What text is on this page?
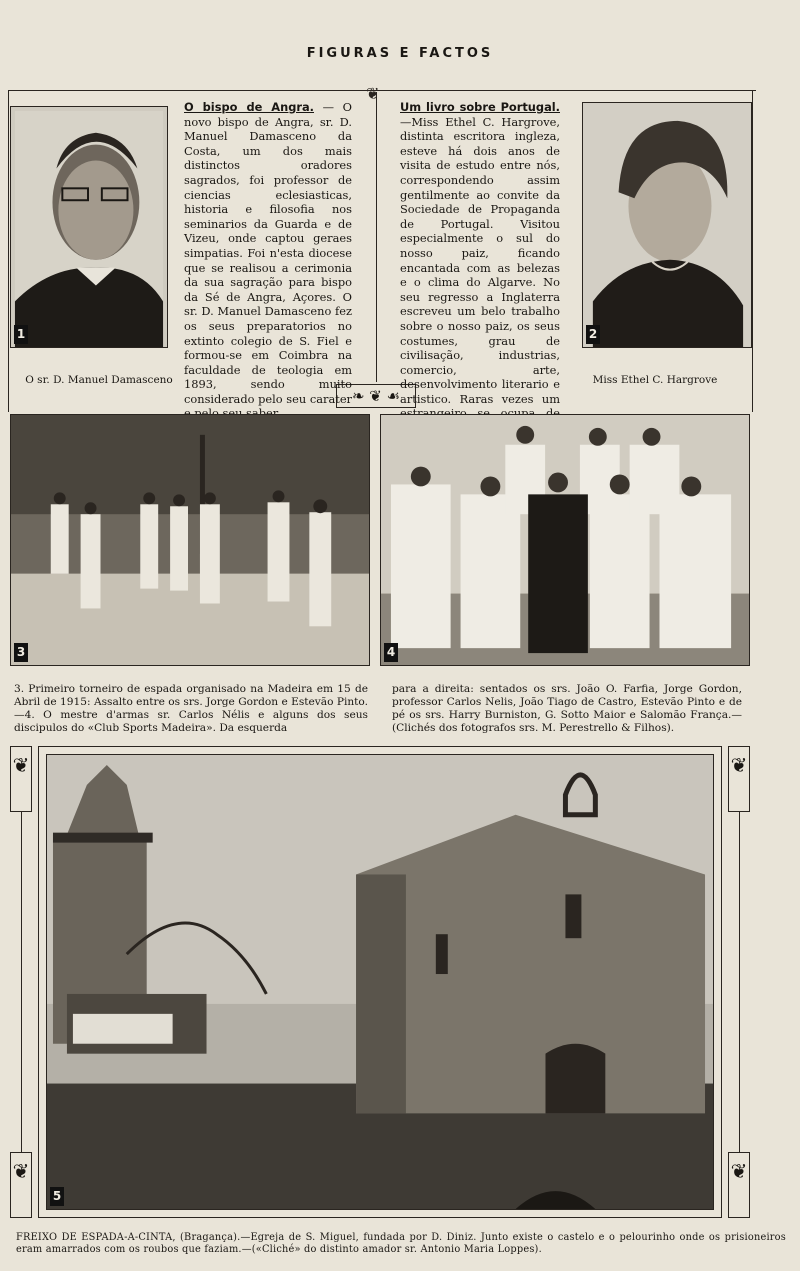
FIGURAS E FACTOS
❦
❧ ❦ ☙
1
O sr. D. Manuel Damasceno
O bispo de Angra. — O novo bispo de Angra, sr. D. Manuel Damasceno da Costa, um dos mais distinctos oradores sagrados, foi professor de ciencias eclesiasticas, historia e filosofia nos seminarios da Guarda e de Vizeu, onde captou geraes simpatias. Foi n'esta diocese que se realisou a cerimonia da sua sagração para bispo da Sé de Angra, Açores. O sr. D. Manuel Damasceno fez os seus preparatorios no extinto colegio de S. Fiel e formou-se em Coimbra na faculdade de teologia em 1893, sendo muito considerado pelo seu carater
Um livro sobre Portugal. —Miss Ethel C. Hargrove, distinta escritora ingleza, esteve há dois anos de visita de estudo entre nós, correspondendo assim gentilmente ao convite da Sociedade de Propaganda de Portugal. Visitou especialmente o sul do nosso paiz, ficando encantada com as belezas e o clima do Algarve. No seu regresso a Inglaterra escreveu um belo trabalho sobre o nosso paiz, os seus costumes, grau de civilisação, industrias, comercio, arte, desenvolvimento literario e artistico. Raras vezes um
2
Miss Ethel C. Hargrove
3	4
3. Primeiro torneiro de espada organisado na Madeira em 15 de Abril de 1915: Assalto entre os srs. Jorge Gordon e Estevão Pinto.—4. O mestre d'armas sr. Carlos Nélis e alguns dos seus discipulos do «Club Sports Madeira». Da esquerda
para a direita: sentados os srs. João O. Farfia, Jorge Gordon, professor Carlos Nelis, João Tiago de Castro, Estevão Pinto e de pé os srs. Harry Burniston, G. Sotto Maior e Salomão França.—(Clichés dos fotografos srs. M. Perestrello & Filhos).
❦
❦
❦
❦
5
FREIXO DE ESPADA-A-CINTA, (Bragança).—Egreja de S. Miguel, fundada por D. Diniz. Junto existe o castelo e o pelourinho onde os prisioneiros eram amarrados com os roubos que faziam.—(«Cliché» do distinto amador sr. Antonio Maria Loppes).
